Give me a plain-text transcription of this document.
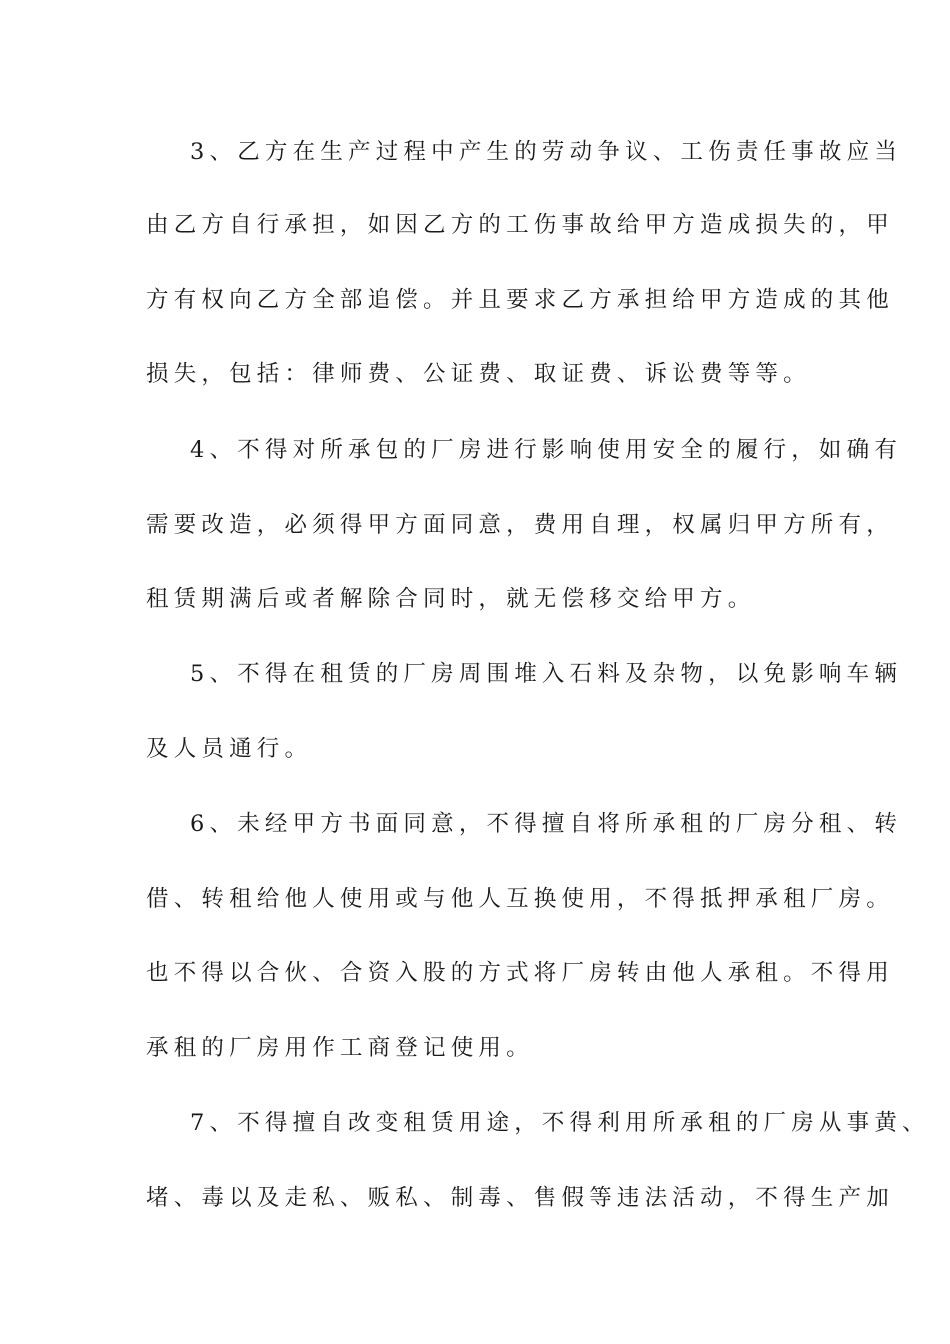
3、乙方在生产过程中产生的劳动争议、工伤责任事故应当
由乙方自行承担，如因乙方的工伤事故给甲方造成损失的，甲
方有权向乙方全部追偿。并且要求乙方承担给甲方造成的其他
损失，包括：律师费、公证费、取证费、诉讼费等等。
4、不得对所承包的厂房进行影响使用安全的履行，如确有
需要改造，必须得甲方面同意，费用自理，权属归甲方所有，
租赁期满后或者解除合同时，就无偿移交给甲方。
5、不得在租赁的厂房周围堆入石料及杂物，以免影响车辆
及人员通行。
6、未经甲方书面同意，不得擅自将所承租的厂房分租、转
借、转租给他人使用或与他人互换使用，不得抵押承租厂房。
也不得以合伙、合资入股的方式将厂房转由他人承租。不得用
承租的厂房用作工商登记使用。
7、不得擅自改变租赁用途，不得利用所承租的厂房从事黄、
堵、毒以及走私、贩私、制毒、售假等违法活动，不得生产加
